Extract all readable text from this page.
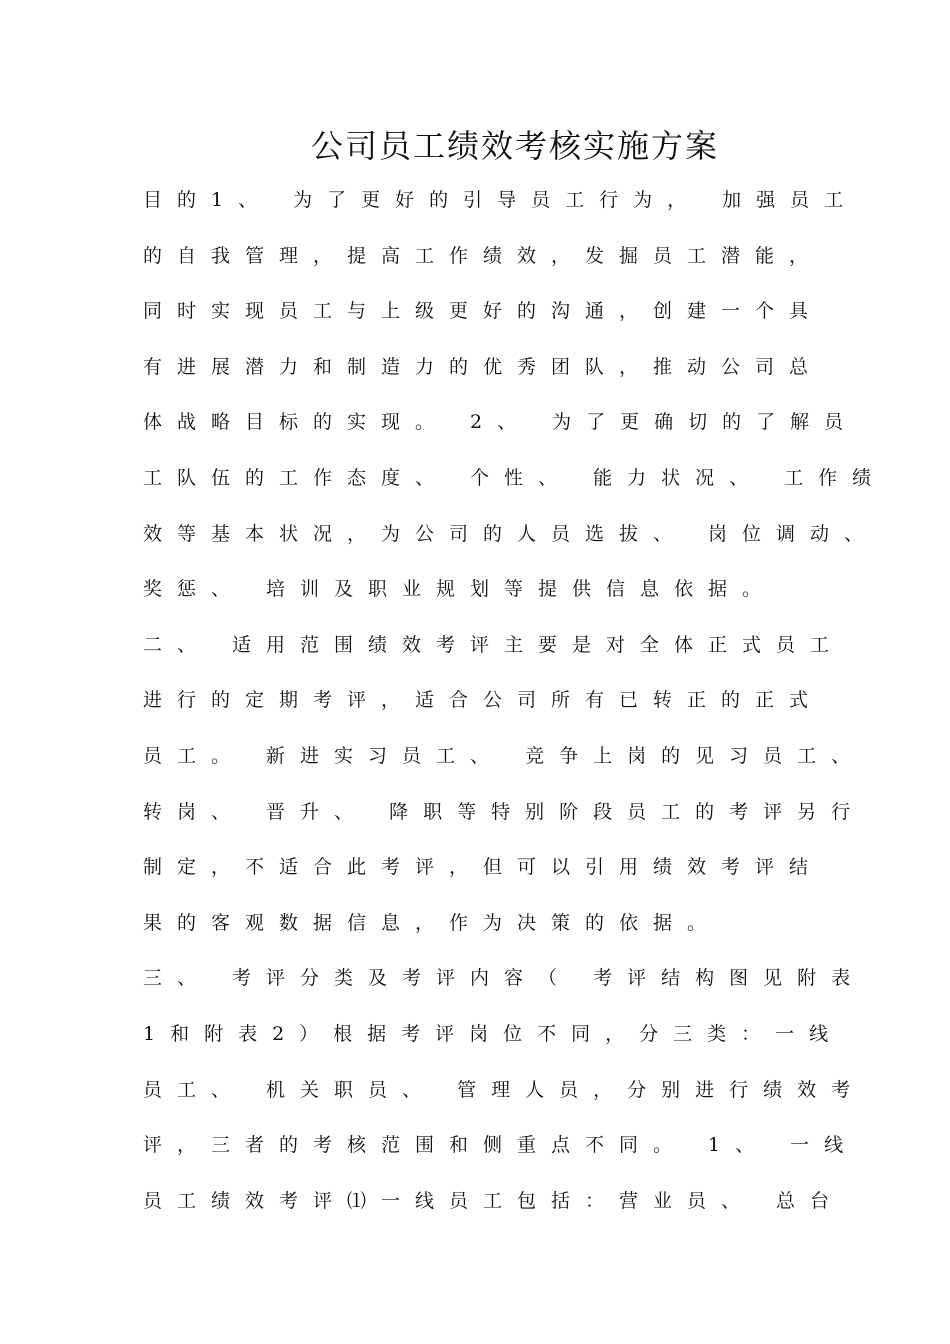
公司员工绩效考核实施方案
目的1、 为了更好的引导员工行为， 加强员工
的自我管理，提高工作绩效，发掘员工潜能，
同时实现员工与上级更好的沟通，创建一个具
有进展潜力和制造力的优秀团队，推动公司总
体战略目标的实现。 2、 为了更确切的了解员
工队伍的工作态度、 个性、 能力状况、 工作绩
效等基本状况，为公司的人员选拔、 岗位调动、
奖惩、 培训及职业规划等提供信息依据。
二、 适用范围绩效考评主要是对全体正式员工
进行的定期考评，适合公司所有已转正的正式
员工。 新进实习员工、 竞争上岗的见习员工、
转岗、 晋升、 降职等特别阶段员工的考评另行
制定，不适合此考评，但可以引用绩效考评结
果的客观数据信息，作为决策的依据。
三、 考评分类及考评内容（ 考评结构图见附表
1和附表2）根据考评岗位不同，分三类：一线
员工、 机关职员、 管理人员，分别进行绩效考
评，三者的考核范围和侧重点不同。 1、 一线
员工绩效考评⑴一线员工包括：营业员、 总台
